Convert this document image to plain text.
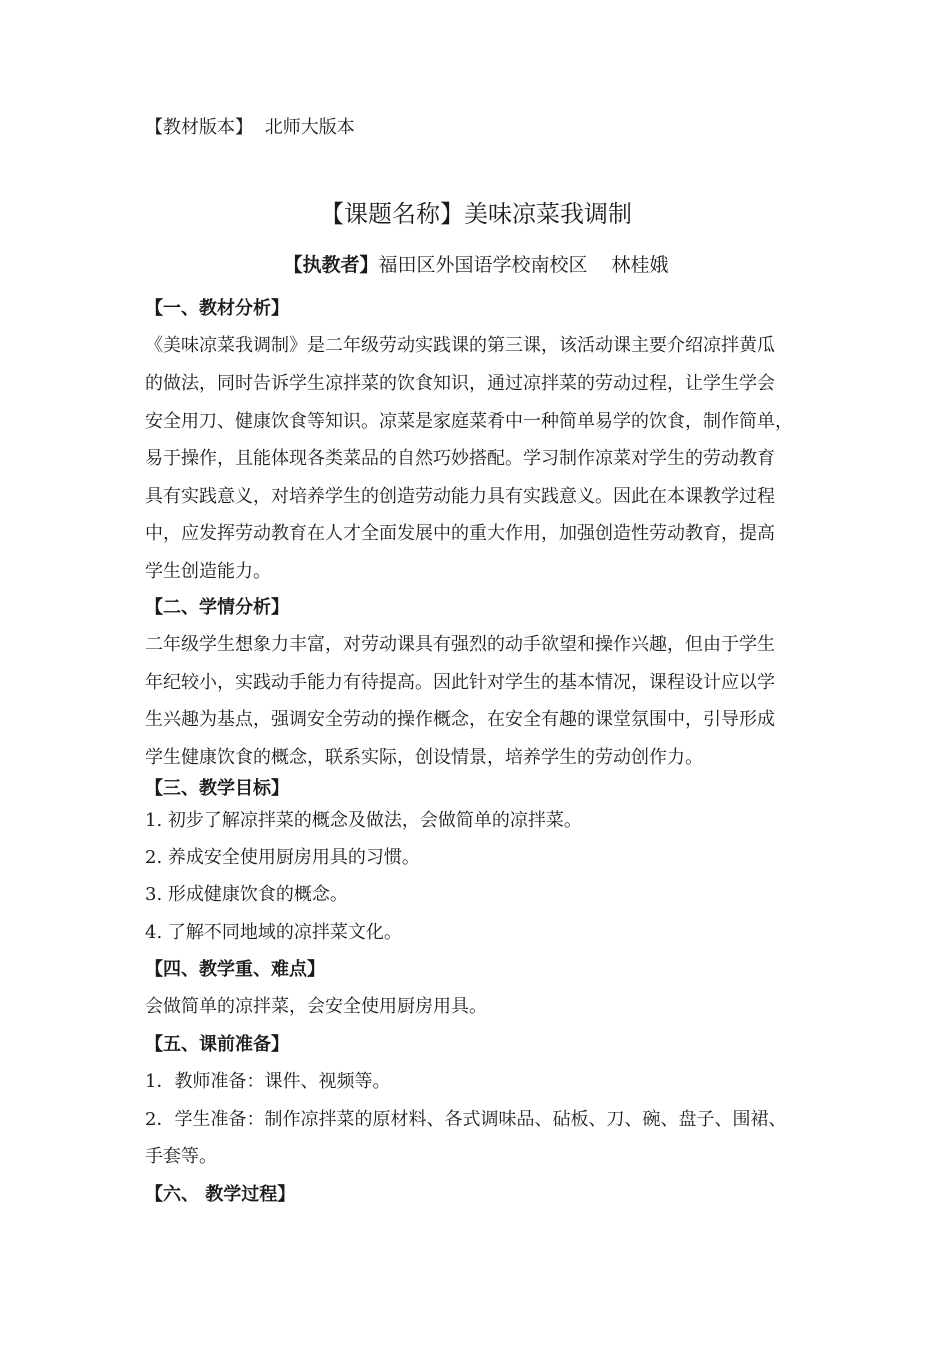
【教材版本】 北师大版本
【课题名称】美味凉菜我调制
【执教者】福田区外国语学校南校区 林桂娥
【一、教材分析】
《美味凉菜我调制》是二年级劳动实践课的第三课，该活动课主要介绍凉拌黄瓜
的做法，同时告诉学生凉拌菜的饮食知识，通过凉拌菜的劳动过程，让学生学会
安全用刀、健康饮食等知识。凉菜是家庭菜肴中一种简单易学的饮食，制作简单，
易于操作，且能体现各类菜品的自然巧妙搭配。学习制作凉菜对学生的劳动教育
具有实践意义，对培养学生的创造劳动能力具有实践意义。因此在本课教学过程
中，应发挥劳动教育在人才全面发展中的重大作用，加强创造性劳动教育，提高
学生创造能力。
【二、学情分析】
二年级学生想象力丰富，对劳动课具有强烈的动手欲望和操作兴趣，但由于学生
年纪较小，实践动手能力有待提高。因此针对学生的基本情况，课程设计应以学
生兴趣为基点，强调安全劳动的操作概念，在安全有趣的课堂氛围中，引导形成
学生健康饮食的概念，联系实际，创设情景，培养学生的劳动创作力。
【三、教学目标】
1. 初步了解凉拌菜的概念及做法，会做简单的凉拌菜。
2. 养成安全使用厨房用具的习惯。
3. 形成健康饮食的概念。
4. 了解不同地域的凉拌菜文化。
【四、教学重、难点】
会做简单的凉拌菜，会安全使用厨房用具。
【五、课前准备】
1．教师准备：课件、视频等。
2．学生准备：制作凉拌菜的原材料、各式调味品、砧板、刀、碗、盘子、围裙、
手套等。
【六、 教学过程】
